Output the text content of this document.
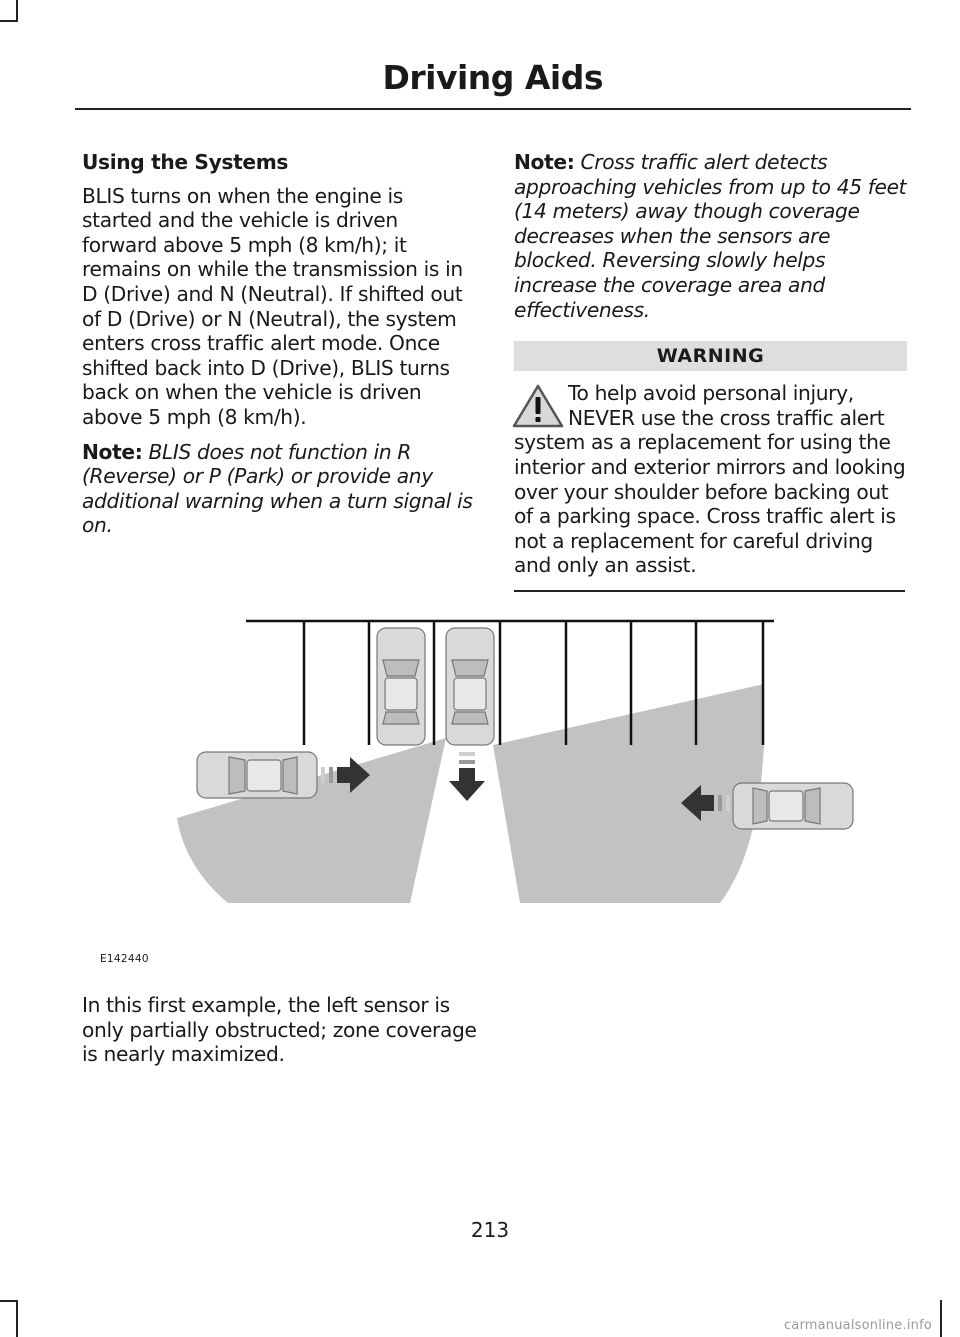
Driving Aids

Using the Systems

BLIS turns on when the engine is started and the vehicle is driven forward above 5 mph (8 km/h); it remains on while the transmission is in D (Drive) and N (Neutral). If shifted out of D (Drive) or N (Neutral), the system enters cross traffic alert mode. Once shifted back into D (Drive), BLIS turns back on when the vehicle is driven above 5 mph (8 km/h).

Note: BLIS does not function in R (Reverse) or P (Park) or provide any additional warning when a turn signal is on.

Note: Cross traffic alert detects approaching vehicles from up to 45 feet (14 meters) away though coverage decreases when the sensors are blocked. Reversing slowly helps increase the coverage area and effectiveness.

WARNING

To help avoid personal injury, NEVER use the cross traffic alert system as a replacement for using the interior and exterior mirrors and looking over your shoulder before backing out of a parking space. Cross traffic alert is not a replacement for careful driving and only an assist.

E142440

In this first example, the left sensor is only partially obstructed; zone coverage is nearly maximized.

213
carmanualsonline.info
